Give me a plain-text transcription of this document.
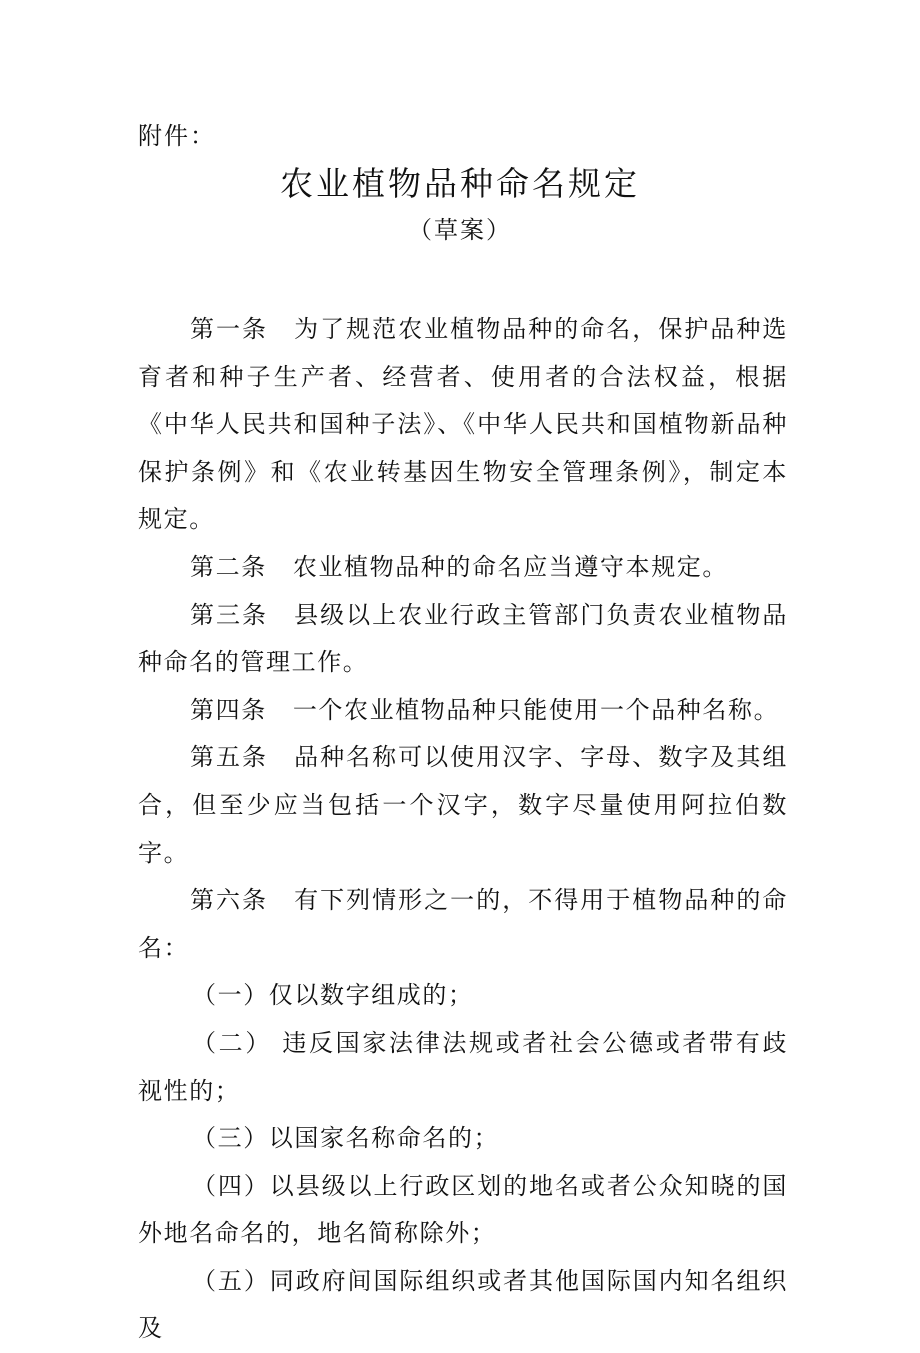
附件：
农业植物品种命名规定
（草案）

第一条 为了规范农业植物品种的命名，保护品种选育者和种子生产者、经营者、使用者的合法权益，根据《中华人民共和国种子法》、《中华人民共和国植物新品种保护条例》和《农业转基因生物安全管理条例》，制定本规定。

第二条 农业植物品种的命名应当遵守本规定。

第三条 县级以上农业行政主管部门负责农业植物品种命名的管理工作。

第四条 一个农业植物品种只能使用一个品种名称。

第五条 品种名称可以使用汉字、字母、数字及其组合，但至少应当包括一个汉字，数字尽量使用阿拉伯数字。

第六条 有下列情形之一的，不得用于植物品种的命名：

（一）仅以数字组成的；

（二） 违反国家法律法规或者社会公德或者带有歧视性的；

（三）以国家名称命名的；

（四）以县级以上行政区划的地名或者公众知晓的国外地名命名的，地名简称除外；

（五）同政府间国际组织或者其他国际国内知名组织及
